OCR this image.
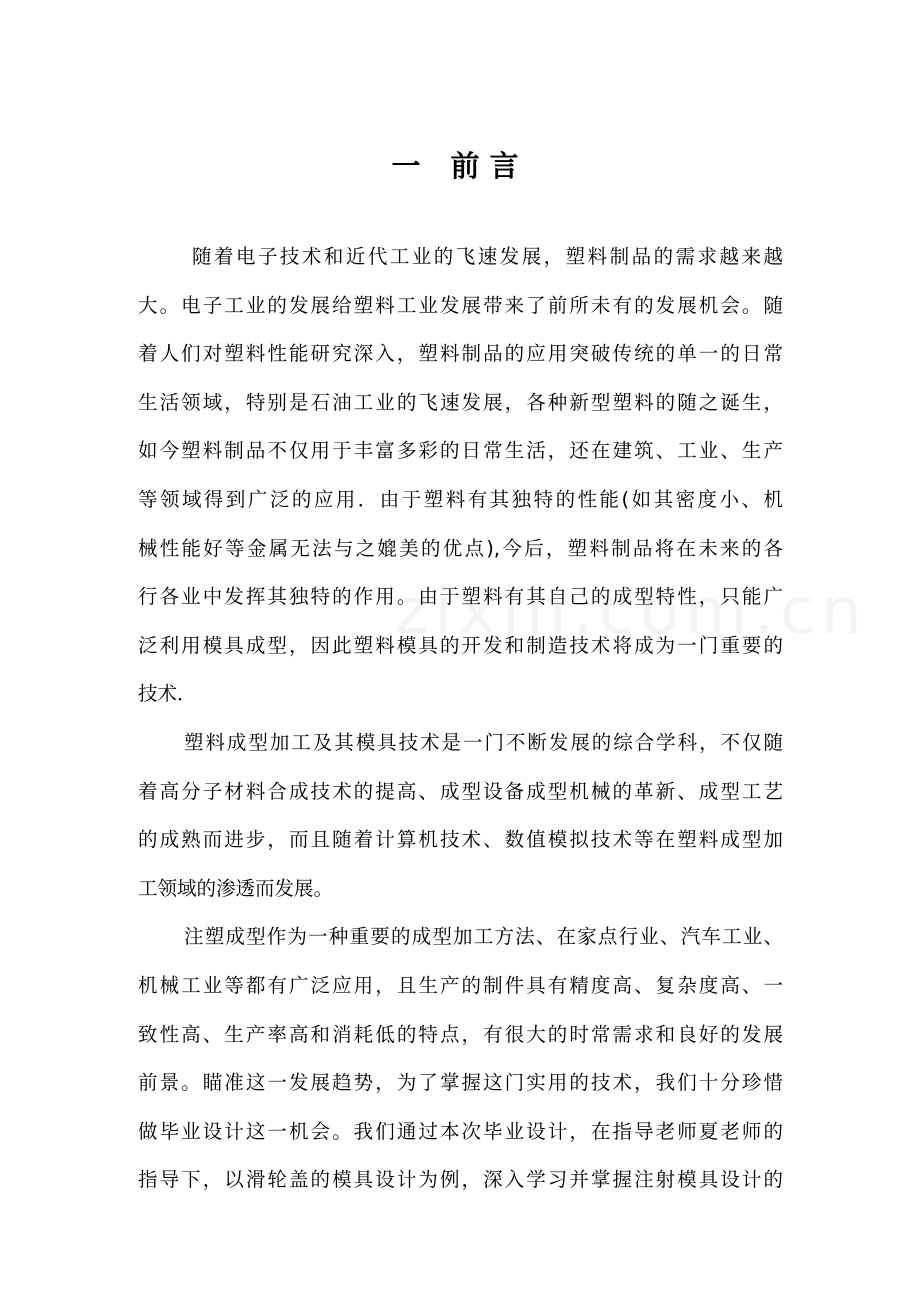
一 前言
随着电子技术和近代工业的飞速发展，塑料制品的需求越来越
大。电子工业的发展给塑料工业发展带来了前所未有的发展机会。随
着人们对塑料性能研究深入，塑料制品的应用突破传统的单一的日常
生活领域，特别是石油工业的飞速发展，各种新型塑料的随之诞生，
如今塑料制品不仅用于丰富多彩的日常生活，还在建筑、工业、生产
等领域得到广泛的应用．由于塑料有其独特的性能(如其密度小、机
械性能好等金属无法与之媲美的优点),今后，塑料制品将在未来的各
行各业中发挥其独特的作用。由于塑料有其自己的成型特性，只能广
泛利用模具成型，因此塑料模具的开发和制造技术将成为一门重要的
技术．
塑料成型加工及其模具技术是一门不断发展的综合学科，不仅随
着高分子材料合成技术的提高、成型设备成型机械的革新、成型工艺
的成熟而进步，而且随着计算机技术、数值模拟技术等在塑料成型加
工领域的渗透而发展。
注塑成型作为一种重要的成型加工方法、在家点行业、汽车工业、
机械工业等都有广泛应用，且生产的制件具有精度高、复杂度高、一
致性高、生产率高和消耗低的特点，有很大的时常需求和良好的发展
前景。瞄准这一发展趋势，为了掌握这门实用的技术，我们十分珍惜
做毕业设计这一机会。我们通过本次毕业设计，在指导老师夏老师的
指导下，以滑轮盖的模具设计为例，深入学习并掌握注射模具设计的
